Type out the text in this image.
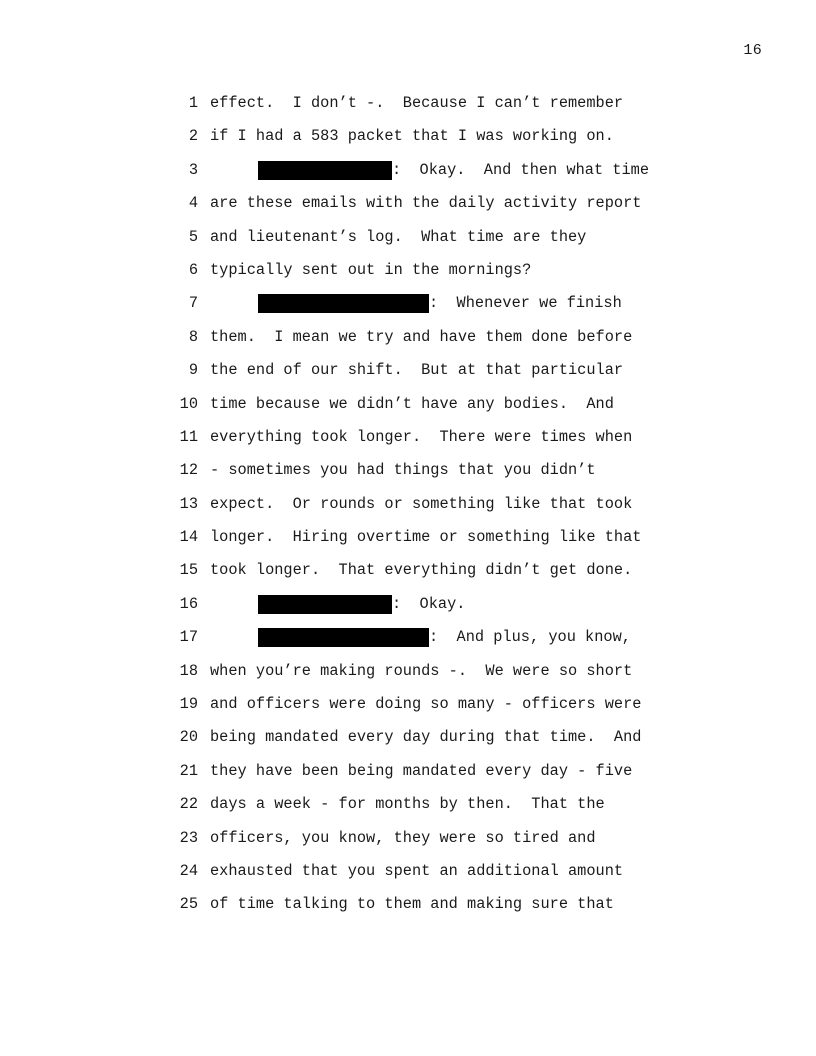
16
1 effect.  I don’t -.  Because I can’t remember
2 if I had a 583 packet that I was working on.
3	:  Okay.  And then what time
4 are these emails with the daily activity report
5 and lieutenant’s log.  What time are they
6 typically sent out in the mornings?
7	:  Whenever we finish
8 them.  I mean we try and have them done before
9 the end of our shift.  But at that particular
10 time because we didn’t have any bodies.  And
11 everything took longer.  There were times when
12 - sometimes you had things that you didn’t
13 expect.  Or rounds or something like that took
14 longer.  Hiring overtime or something like that
15 took longer.  That everything didn’t get done.
16	:  Okay.
17	:  And plus, you know,
18 when you’re making rounds -.  We were so short
19 and officers were doing so many - officers were
20 being mandated every day during that time.  And
21 they have been being mandated every day - five
22 days a week - for months by then.  That the
23 officers, you know, they were so tired and
24 exhausted that you spent an additional amount
25 of time talking to them and making sure that
